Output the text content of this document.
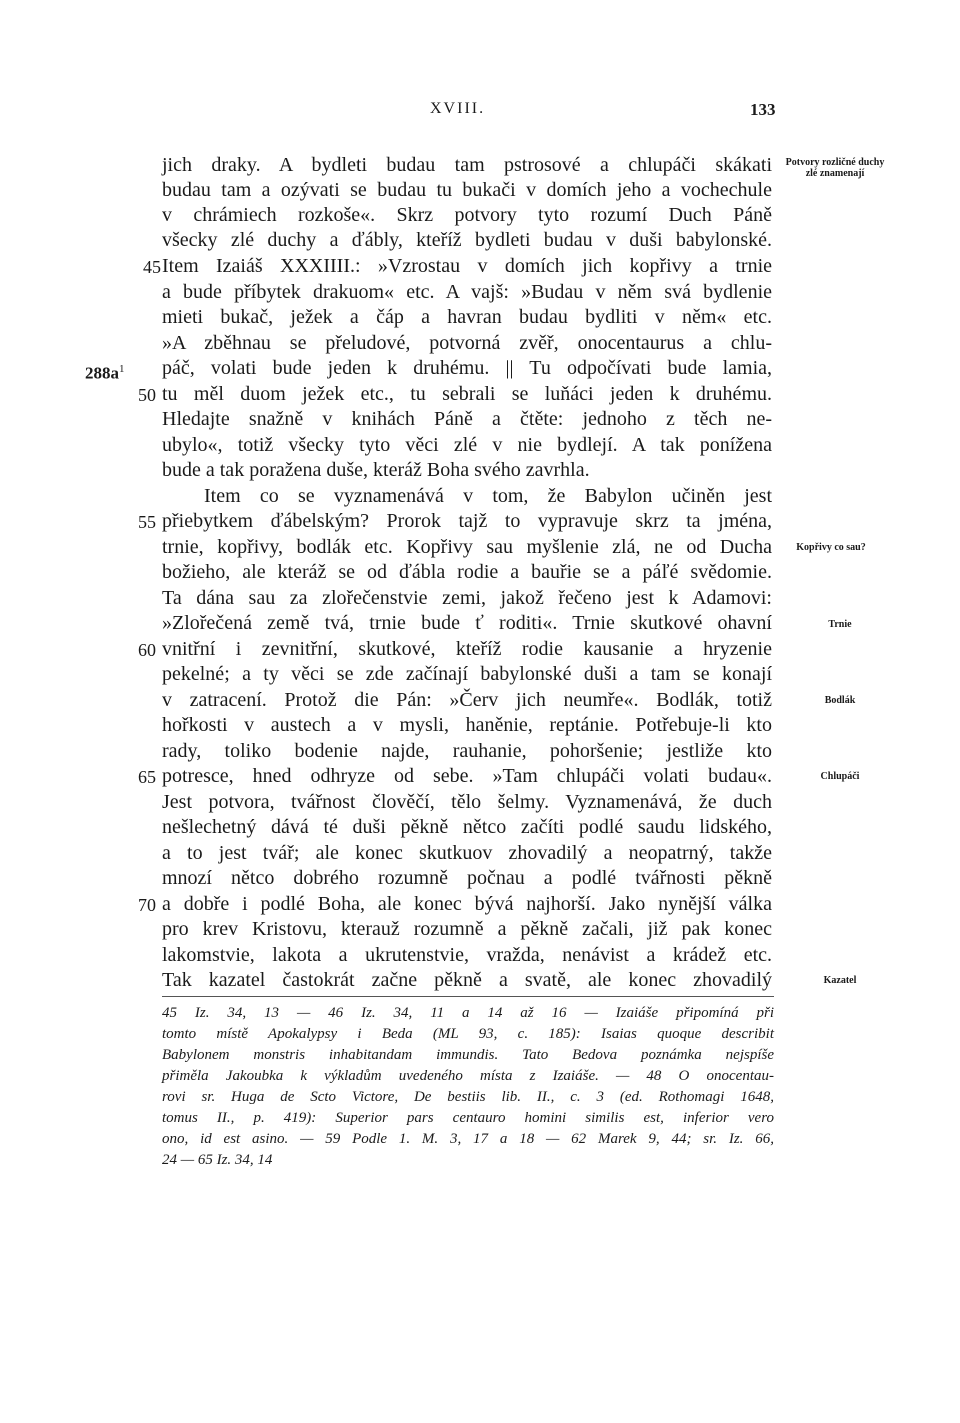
XVIII.	133
jich draky. A bydleti budau tam pstrosové a chlupáči skákati
budau tam a ozývati se budau tu bukači v domích jeho a vochechule
v chrámiech rozkoše«. Skrz potvory tyto rozumí Duch Páně
všecky zlé duchy a ďábly, kteříž bydleti budau v duši babylonské.
Item Izaiáš XXXIIII.: »Vzrostau v domích jich kopřivy a trnie
a bude příbytek drakuom« etc. A vajš: »Budau v něm svá bydlenie
mieti bukač, ježek a čáp a havran budau bydliti v něm« etc.
»A zběhnau se přeludové, potvorná zvěř, onocentaurus a chlu-
páč, volati bude jeden k druhému. || Tu odpočívati bude lamia,
tu měl duom ježek etc., tu sebrali se luňáci jeden k druhému.
Hledajte snažně v knihách Páně a čtěte: jednoho z těch ne-
ubylo«, totiž všecky tyto věci zlé v nie bydlejí. A tak ponížena
bude a tak poražena duše, kteráž Boha svého zavrhla.
Item co se vyznamenává v tom, že Babylon učiněn jest
přiebytkem ďábelským? Prorok tajž to vypravuje skrz ta jména,
trnie, kopřivy, bodlák etc. Kopřivy sau myšlenie zlá, ne od Ducha
božieho, ale kteráž se od ďábla rodie a bauřie se a páľé svědomie.
Ta dána sau za zlořečenstvie zemi, jakož řečeno jest k Adamovi:
»Zlořečená země tvá, trnie bude ť roditi«. Trnie skutkové ohavní
vnitřní i zevnitřní, skutkové, kteříž rodie kausanie a hryzenie
pekelné; a ty věci se zde začínají babylonské duši a tam se konají
v zatracení. Protož die Pán: »Červ jich neumře«. Bodlák, totiž
hořkosti v austech a v mysli, haněnie, reptánie. Potřebuje-li kto
rady, toliko bodenie najde, rauhanie, pohoršenie; jestliže kto
potresce, hned odhryze od sebe. »Tam chlupáči volati budau«.
Jest potvora, tvářnost člověčí, tělo šelmy. Vyznamenává, že duch
nešlechetný dává té duši pěkně nětco začíti podlé saudu lidského,
a to jest tvář; ale konec skutkuov zhovadilý a neopatrný, takže
mnozí nětco dobrého rozumně počnau a podlé tvářnosti pěkně
a dobře i podlé Boha, ale konec bývá najhorší. Jako nynější válka
pro krev Kristovu, kterauž rozumně a pěkně začali, již pak konec
lakomstvie, lakota a ukrutenstvie, vražda, nenávist a krádež etc.
Tak kazatel častokrát začne pěkně a svatě, ale konec zhovadilý
45
50
55
60
65
70
$288a^1$
Potvory rozličné duchy zlé znamenají
Kopřivy co sau?
Trnie
Bodlák
Chlupáči
Kazatel
45 Iz. 34, 13 — 46 Iz. 34, 11 a 14 až 16 — Izaiáše připomíná při
tomto místě Apokalypsy i Beda (ML 93, c. 185): Isaias quoque describit
Babylonem monstris inhabitandam immundis. Tato Bedova poznámka nejspíše
přiměla Jakoubka k výkladům uvedeného místa z Izaiáše. — 48 O onocentau-
rovi sr. Huga de Scto Victore, De bestiis lib. II., c. 3 (ed. Rothomagi 1648,
tomus II., p. 419): Superior pars centauro homini similis est, inferior vero
ono, id est asino. — 59 Podle 1. M. 3, 17 a 18 — 62 Marek 9, 44; sr. Iz. 66,
24 — 65 Iz. 34, 14
